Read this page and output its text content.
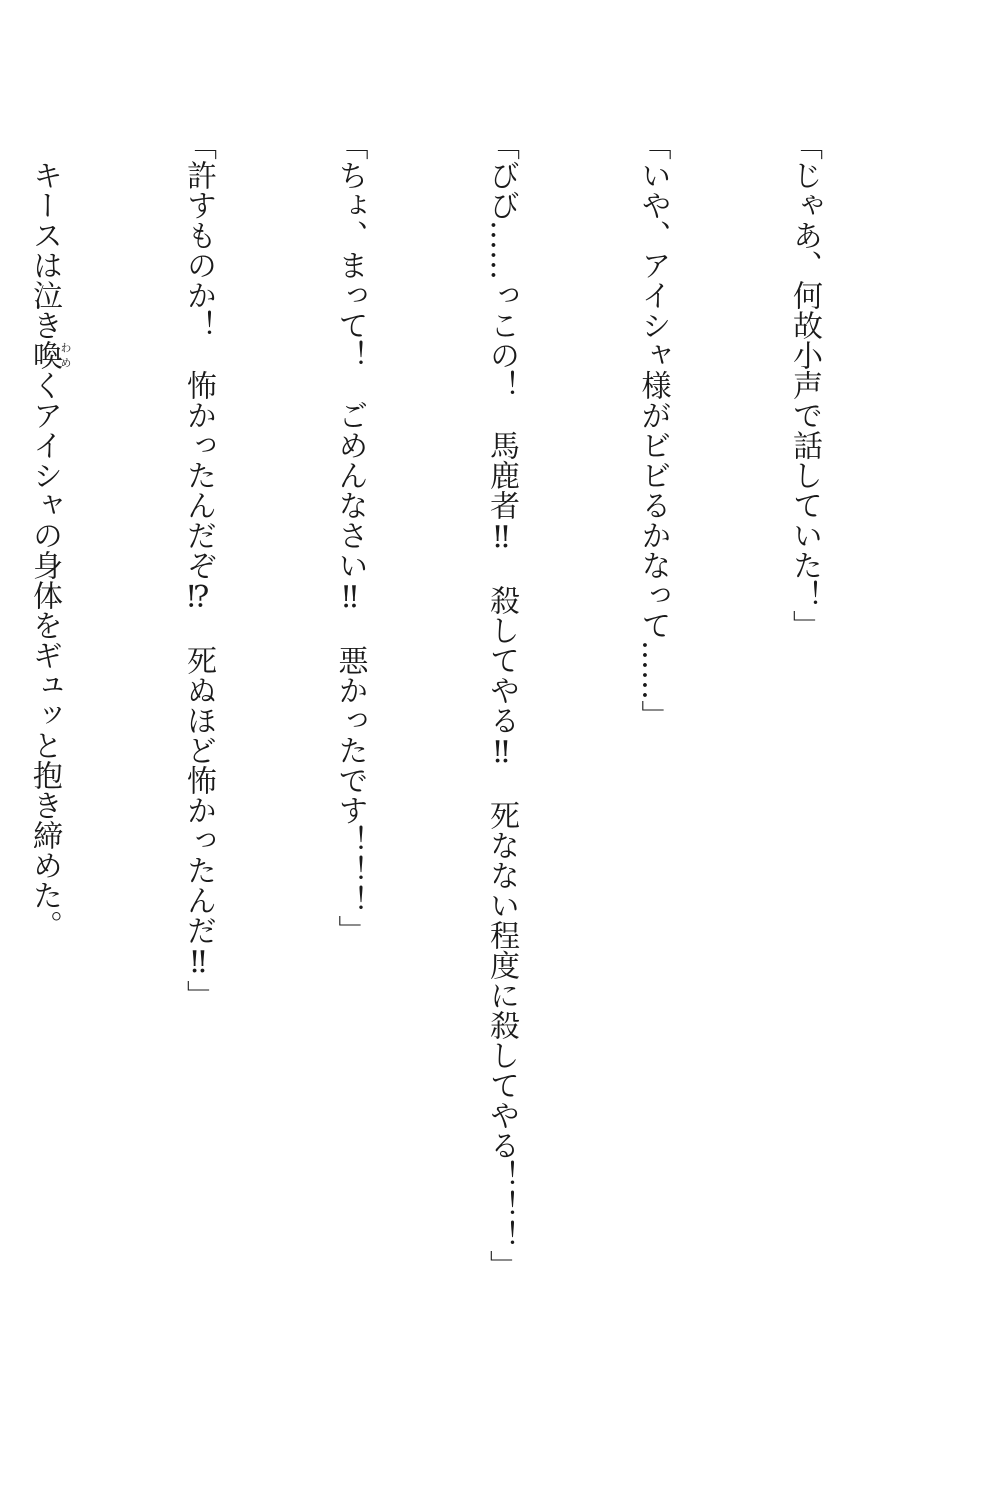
「じゃあ、何故小声で話していた！」

「いや、アイシャ様がビビるかなって……」

「びび……っこの！　馬鹿者‼　殺してやる‼　死なない程度に殺してやる！！！」

「ちょ、まって！　ごめんなさい‼　悪かったです！！！」

「許すものか！　怖かったんだぞ⁉　死ぬほど怖かったんだ‼」

キースは泣き喚わめくアイシャの身体をギュッと抱き締めた。
